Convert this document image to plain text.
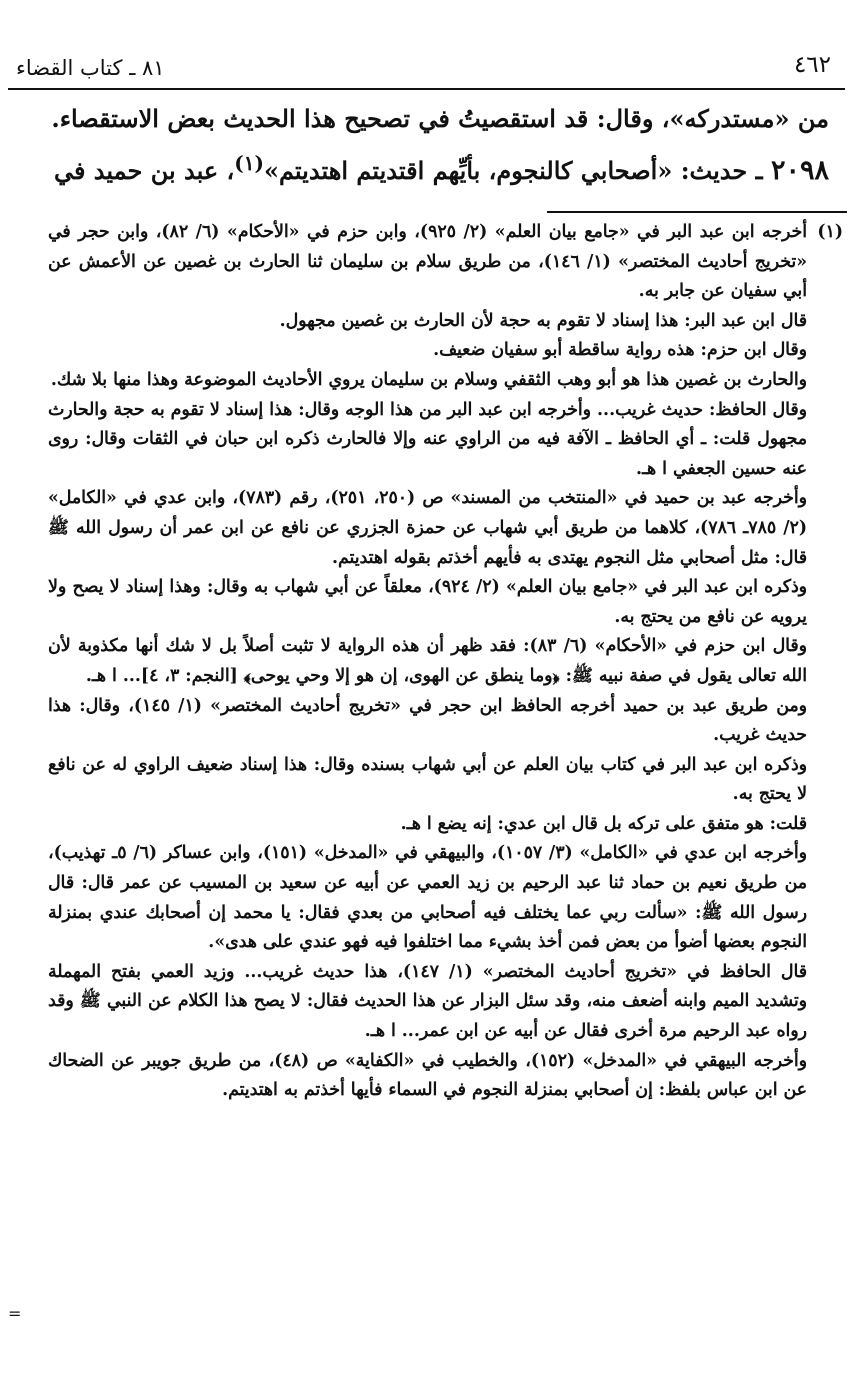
٤٦٢
٨١ ـ كتاب القضاء

من «مستدركه»، وقال: قد استقصيتُ في تصحيح هذا الحديث بعض الاستقصاء.

٢٠٩٨ ـ حديث: «أصحابي كالنجوم، بأيِّهم اقتديتم اهتديتم»$^{(١)}$، عبد بن حميد في

(١)

أخرجه ابن عبد البر في «جامع بيان العلم» (٢/ ٩٢٥)، وابن حزم في «الأحكام» (٦/ ٨٢)، وابن حجر في «تخريج أحاديث المختصر» (١/ ١٤٦)، من طريق سلام بن سليمان ثنا الحارث بن غصين عن الأعمش عن أبي سفيان عن جابر به.

قال ابن عبد البر: هذا إسناد لا تقوم به حجة لأن الحارث بن غصين مجهول.

وقال ابن حزم: هذه رواية ساقطة أبو سفيان ضعيف.

والحارث بن غصين هذا هو أبو وهب الثقفي وسلام بن سليمان يروي الأحاديث الموضوعة وهذا منها بلا شك.

وقال الحافظ: حديث غريب... وأخرجه ابن عبد البر من هذا الوجه وقال: هذا إسناد لا تقوم به حجة والحارث مجهول قلت: ـ أي الحافظ ـ الآفة فيه من الراوي عنه وإلا فالحارث ذكره ابن حبان في الثقات وقال: روى عنه حسين الجعفي ا هـ.

وأخرجه عبد بن حميد في «المنتخب من المسند» ص (٢٥٠، ٢٥١)، رقم (٧٨٣)، وابن عدي في «الكامل» (٢/ ٧٨٥ـ ٧٨٦)، كلاهما من طريق أبي شهاب عن حمزة الجزري عن نافع عن ابن عمر أن رسول الله ﷺ قال: مثل أصحابي مثل النجوم يهتدى به فأيهم أخذتم بقوله اهتديتم.

وذكره ابن عبد البر في «جامع بيان العلم» (٢/ ٩٢٤)، معلقاً عن أبي شهاب به وقال: وهذا إسناد لا يصح ولا يرويه عن نافع من يحتج به.

وقال ابن حزم في «الأحكام» (٦/ ٨٣): فقد ظهر أن هذه الرواية لا تثبت أصلاً بل لا شك أنها مكذوبة لأن الله تعالى يقول في صفة نبيه ﷺ: ﴿وما ينطق عن الهوى، إن هو إلا وحي يوحى﴾ [النجم: ٣، ٤]... ا هـ.

ومن طريق عبد بن حميد أخرجه الحافظ ابن حجر في «تخريج أحاديث المختصر» (١/ ١٤٥)، وقال: هذا حديث غريب.

وذكره ابن عبد البر في كتاب بيان العلم عن أبي شهاب بسنده وقال: هذا إسناد ضعيف الراوي له عن نافع لا يحتج به.

قلت: هو متفق على تركه بل قال ابن عدي: إنه يضع ا هـ.

وأخرجه ابن عدي في «الكامل» (٣/ ١٠٥٧)، والبيهقي في «المدخل» (١٥١)، وابن عساكر (٦/ ٥ـ تهذيب)، من طريق نعيم بن حماد ثنا عبد الرحيم بن زيد العمي عن أبيه عن سعيد بن المسيب عن عمر قال: قال رسول الله ﷺ: «سألت ربي عما يختلف فيه أصحابي من بعدي فقال: يا محمد إن أصحابك عندي بمنزلة النجوم بعضها أضوأ من بعض فمن أخذ بشيء مما اختلفوا فيه فهو عندي على هدى».

قال الحافظ في «تخريج أحاديث المختصر» (١/ ١٤٧)، هذا حديث غريب... وزيد العمي بفتح المهملة وتشديد الميم وابنه أضعف منه، وقد سئل البزار عن هذا الحديث فقال: لا يصح هذا الكلام عن النبي ﷺ وقد رواه عبد الرحيم مرة أخرى فقال عن أبيه عن ابن عمر... ا هـ.

وأخرجه البيهقي في «المدخل» (١٥٢)، والخطيب في «الكفاية» ص (٤٨)، من طريق جويبر عن الضحاك عن ابن عباس بلفظ: إن أصحابي بمنزلة النجوم في السماء فأيها أخذتم به اهتديتم.

=
